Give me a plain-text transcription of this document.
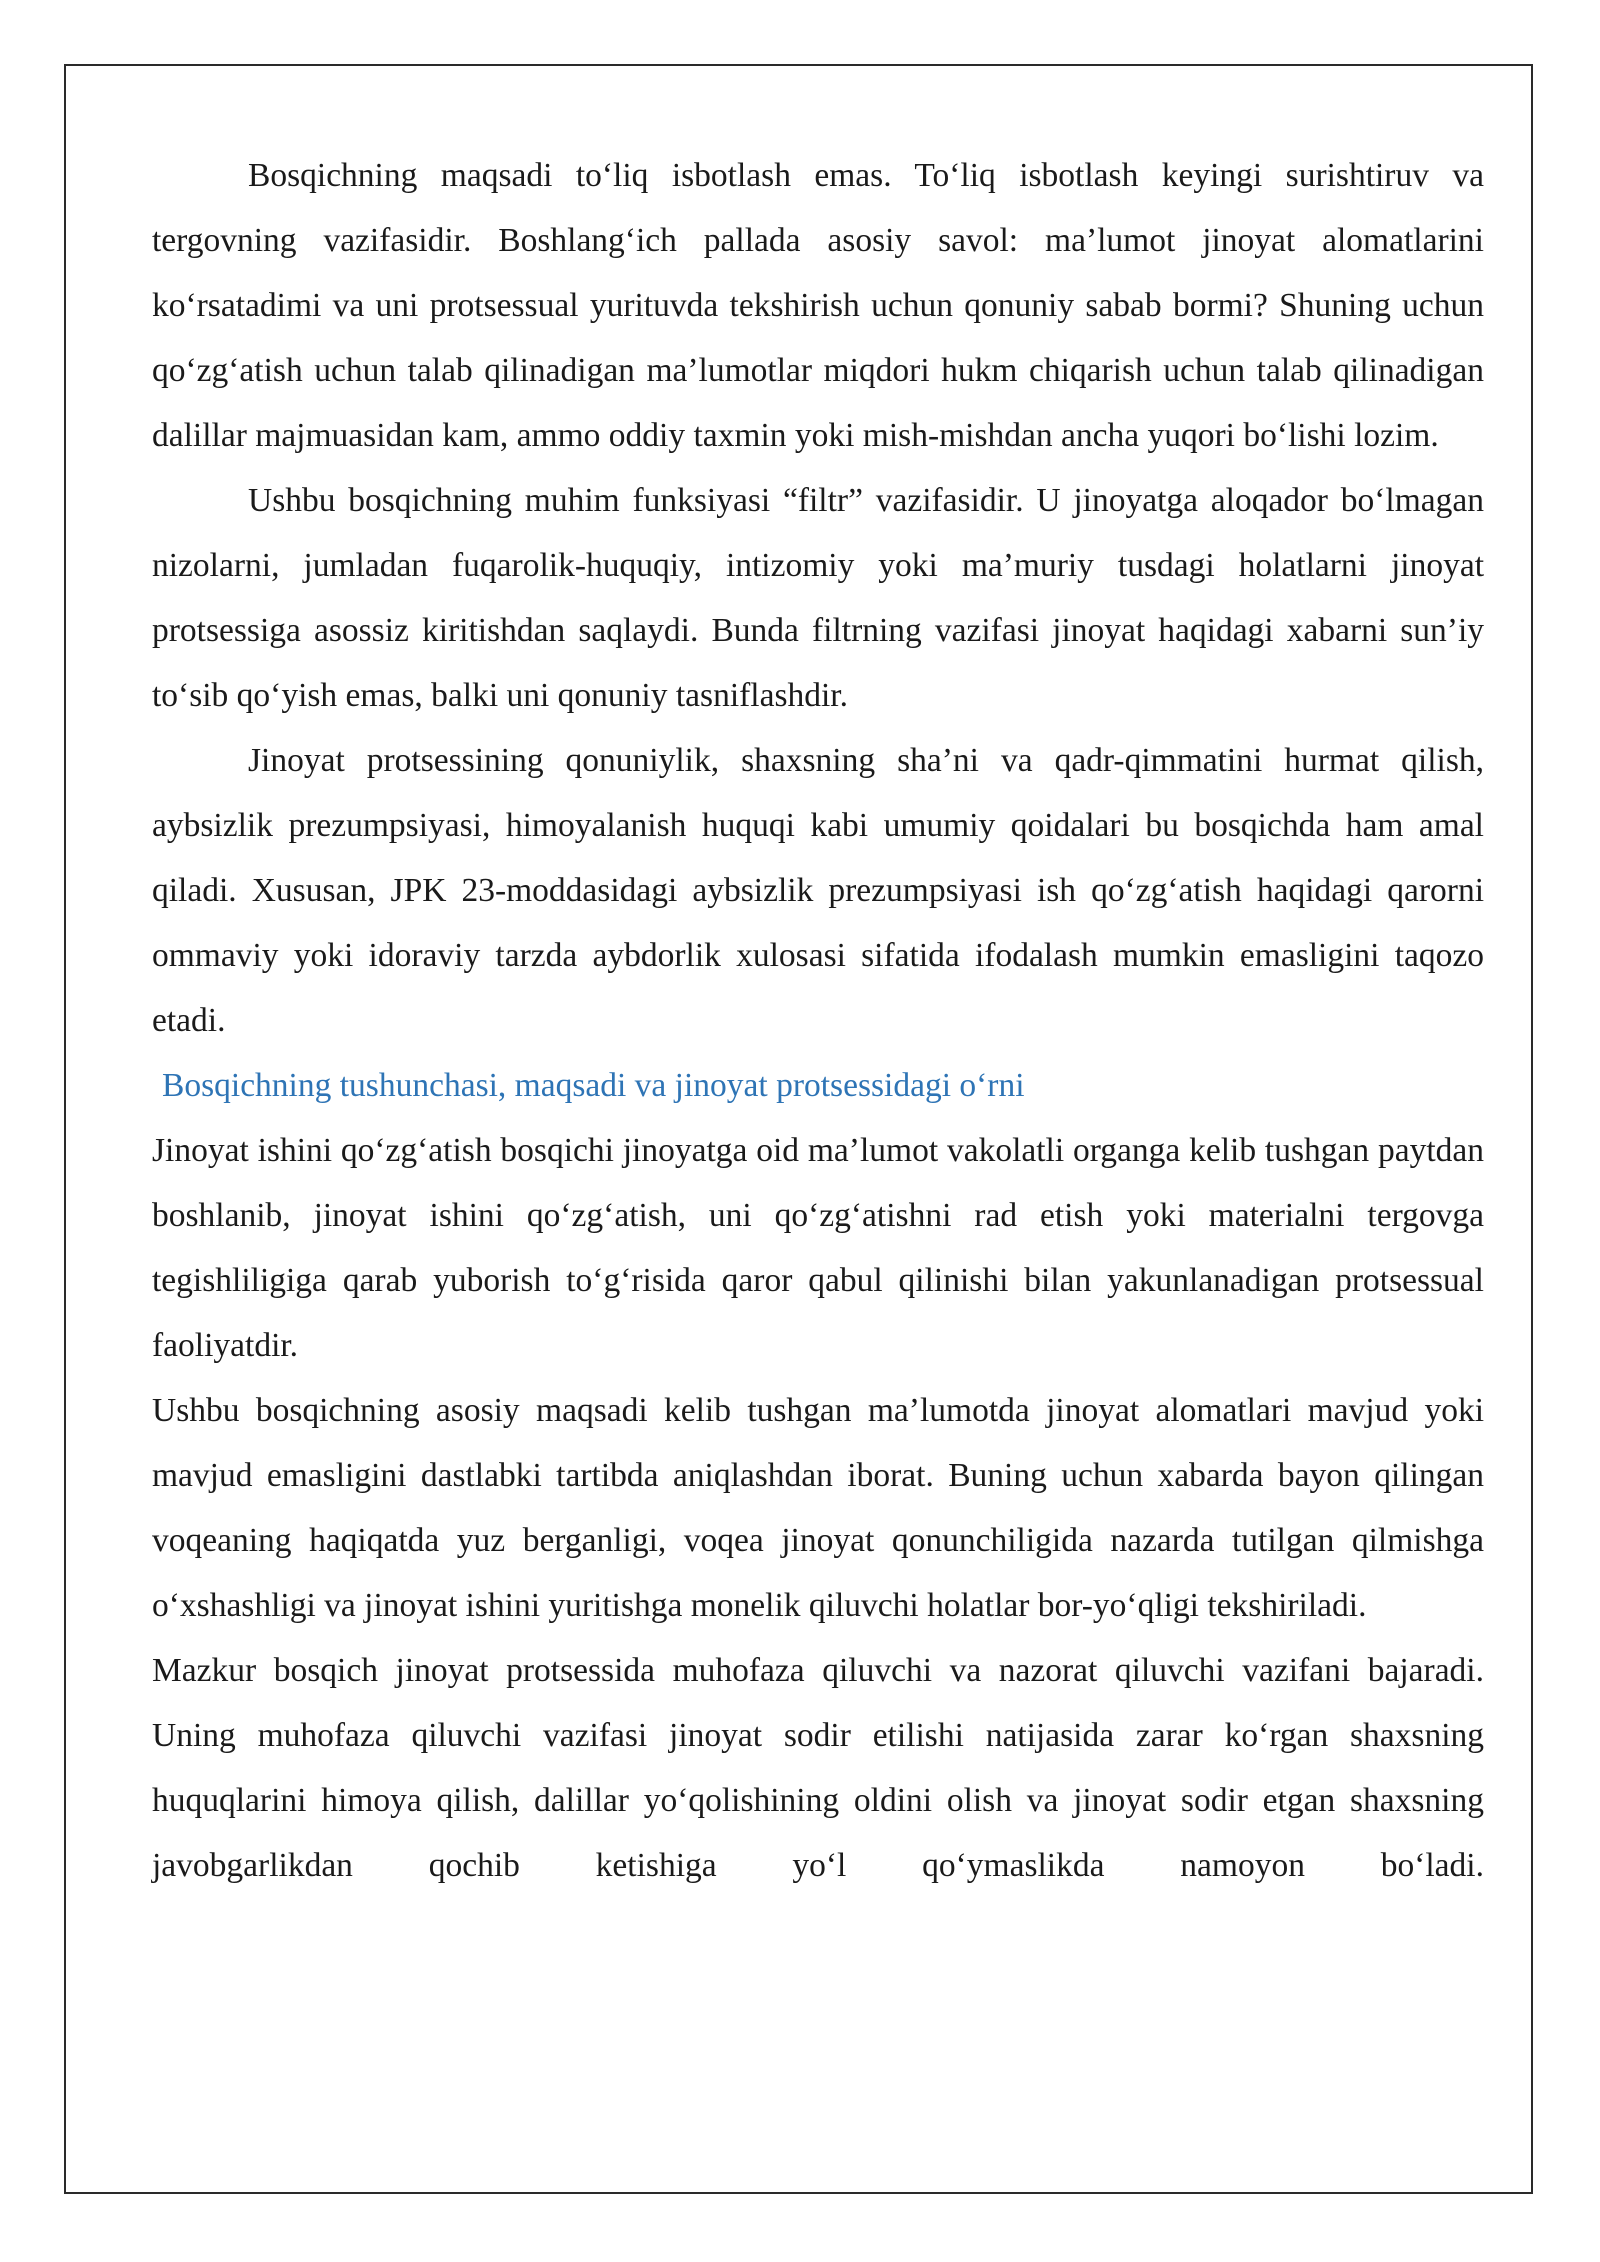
Bosqichning maqsadi to‘liq isbotlash emas. To‘liq isbotlash keyingi surishtiruv va tergovning vazifasidir. Boshlang‘ich pallada asosiy savol: ma’lumot jinoyat alomatlarini ko‘rsatadimi va uni protsessual yurituvda tekshirish uchun qonuniy sabab bormi? Shuning uchun qo‘zg‘atish uchun talab qilinadigan ma’lumotlar miqdori hukm chiqarish uchun talab qilinadigan dalillar majmuasidan kam, ammo oddiy taxmin yoki mish-mishdan ancha yuqori bo‘lishi lozim.

Ushbu bosqichning muhim funksiyasi “filtr” vazifasidir. U jinoyatga aloqador bo‘lmagan nizolarni, jumladan fuqarolik-huquqiy, intizomiy yoki ma’muriy tusdagi holatlarni jinoyat protsessiga asossiz kiritishdan saqlaydi. Bunda filtrning vazifasi jinoyat haqidagi xabarni sun’iy to‘sib qo‘yish emas, balki uni qonuniy tasniflashdir.

Jinoyat protsessining qonuniylik, shaxsning sha’ni va qadr-qimmatini hurmat qilish, aybsizlik prezumpsiyasi, himoyalanish huquqi kabi umumiy qoidalari bu bosqichda ham amal qiladi. Xususan, JPK 23-moddasidagi aybsizlik prezumpsiyasi ish qo‘zg‘atish haqidagi qarorni ommaviy yoki idoraviy tarzda aybdorlik xulosasi sifatida ifodalash mumkin emasligini taqozo etadi.

Bosqichning tushunchasi, maqsadi va jinoyat protsessidagi o‘rni

Jinoyat ishini qo‘zg‘atish bosqichi jinoyatga oid ma’lumot vakolatli organga kelib tushgan paytdan boshlanib, jinoyat ishini qo‘zg‘atish, uni qo‘zg‘atishni rad etish yoki materialni tergovga tegishliligiga qarab yuborish to‘g‘risida qaror qabul qilinishi bilan yakunlanadigan protsessual faoliyatdir.

Ushbu bosqichning asosiy maqsadi kelib tushgan ma’lumotda jinoyat alomatlari mavjud yoki mavjud emasligini dastlabki tartibda aniqlashdan iborat. Buning uchun xabarda bayon qilingan voqeaning haqiqatda yuz berganligi, voqea jinoyat qonunchiligida nazarda tutilgan qilmishga o‘xshashligi va jinoyat ishini yuritishga monelik qiluvchi holatlar bor-yo‘qligi tekshiriladi.

Mazkur bosqich jinoyat protsessida muhofaza qiluvchi va nazorat qiluvchi vazifani bajaradi. Uning muhofaza qiluvchi vazifasi jinoyat sodir etilishi natijasida zarar ko‘rgan shaxsning huquqlarini himoya qilish, dalillar yo‘qolishining oldini olish va jinoyat sodir etgan shaxsning javobgarlikdan qochib ketishiga yo‘l qo‘ymaslikda namoyon bo‘ladi.
